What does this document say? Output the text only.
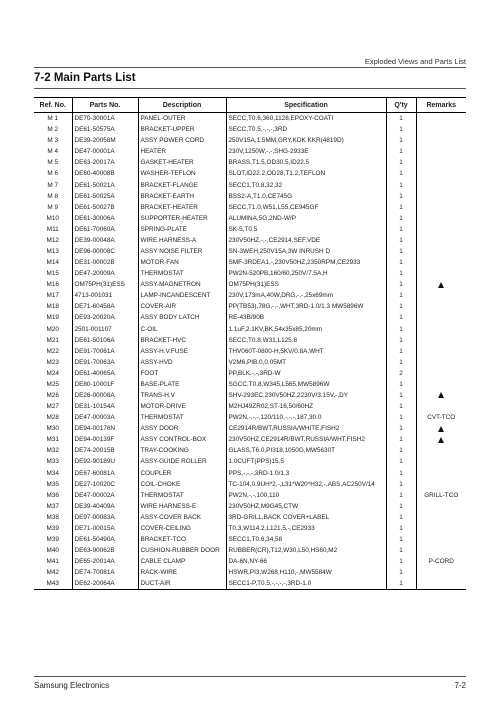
Exploded Views and Parts List
7-2 Main Parts List
Ref. No.	Parts No.	Description	Specification	Q'ty	Remarks
M 1	DE70-30001A	PANEL-OUTER	SECC,T0.6,360,1128,EPOXY-COATI	1	
M 2	DE61-50575A	BRACKET-UPPER	SECC,T0.5,-,-,-,3RD	1	
M 3	DE39-20058M	ASSY POWER CORD	250V15A,1.5MM,GRY,KDK KKR(4819D)	1	
M 4	DE47-00001A	HEATER	230V,1250W,-,-,SHG-2933E	1	
M 5	DE63-20017A	GASKET-HEATER	BRASS,T1.5,OD30.5,ID22.5	1	
M 6	DE60-40008B	WASHER-TEFLON	SLOT,ID22.2,OD28,T1.2,TEFLON	1	
M 7	DE61-50021A	BRACKET-FLANGE	SECC1,T0.8,32,32	1	
M 8	DE61-50025A	BRACKET-EARTH	BSS2-A,T1.0,CE745G	1	
M 9	DE61-50027B	BRACKET-HEATER	SECC,T1.0,W51,L55,CE945GF	1	
M10	DE61-30006A	SUPPORTER-HEATER	ALUMINA,5G,2ND-W/P	1	
M11	DE61-70060A	SPRING-PLATE	SK-5,T0.5	1	
M12	DE39-00048A	WIRE HARNESS-A	230V50HZ,-,-,CE2914,SEF,VDE	1	
M13	DE96-00008C	ASSY NOISE FILTER	SN-3WEH,250V15A,3W INRUSH D	1	
M14	DE31-00002B	MOTOR-FAN	SMF-3RDEA1,-,230V50HZ,2350RPM,CE2933	1	
M15	DE47-20009A	THERMOSTAT	PW2N-520PB,160/60,250V/7.5A,H	1	
M16	OM75PH(31)ESS	ASSY-MAGNETRON	OM75PH(31)ESS	1	
M17	4713-001031	LAMP-INCANDESCENT	230V,173mA,40W,DRG,-,-,25x69mm	1	
M18	DE71-60458A	COVER-AIR	PP(TB53),78G,-,-,WHT,3RD-1.0/1.3 MW5896W	1	
M19	DE93-20020A	ASSY BODY LATCH	RE-43B/90B	1	
M20	2501-001107	C-OIL	1.1uF,2.1KV,BK,54x35x85,20mm	1	
M21	DE61-50106A	BRACKET-HVC	SECC,T0.8,W31,L125.8	1	
M22	DE91-70061A	ASSY-H.V.FUSE	THV060T-0800-H,5KV/0.8A,WHT	1	
M23	DE91-70063A	ASSY-HVD	V2M6,PIB.0,0.05MT	1	
M24	DE61-40065A	FOOT	PP,BLK,-,-,3RD-W	2	
M25	DE80-10001F	BASE-PLATE	SGCC,T0.8,W345,L565,MW5896W	1	
M26	DE26-00008A	TRANS-H.V	SHV-293EC,230V50HZ,2230V/3.15V,-,DY	1	
M27	DE31-10154A	MOTOR-DRIVE	M2HJ49ZR02,ST-16,50/60HZ	1	
M28	DE47-00003A	THERMOSTAT	PW2N,-,-,-,120/110,-,-,-,187,30.0	1	CVT-TCO
M30	DE94-00176N	ASSY DOOR	CE2914R/BWT,RUSSIA/WHITE,FISH2	1	
M31	DE94-00139F	ASSY CONTROL-BOX	230V50HZ,CE2914R/BWT,RUSSIA/WHT,FISH2	1	
M32	DE74-20015B	TRAY-COOKING	GLASS,T6.0,PI318,1050G,MW5630T	1	
M33	DE92-90189U	ASSY-GUIDE ROLLER	1.0CUFT(PPS)15.5	1	
M34	DE67-60081A	COUPLER	PPS,-,-,-,3RD-1.0/1.3	1	
M35	DE27-10020C	COIL-CHOKE	TC-104,0.9UH*2,-,L31*W20*H32,-,ABS,AC250V/14	1	
M36	DE47-00002A	THERMOSTAT	PW2N,-,-,100,110	1	GRILL-TCO
M37	DE39-40409A	WIRE HARNESS-E	230V50HZ,M9G45,CTW	1	
M38	DE97-00083A	ASSY-COVER BACK	3RD-GRILL,BACK COVER+LABEL	1	
M39	DE71-00015A	COVER-CEILING	T0.3,W114.2,L121.5,-,CE2933	1	
M39	DE61-50490A	BRACKET-TCO	SECC1,T0.6,34,58	1	
M40	DE63-90062B	CUSHION-RUBBER DOOR	RUBBER(CR),T12,W30,L50,HS60,M2	1	
M41	DE65-20014A	CABLE CLAMP	DA-6N,NY-66	1	P-CORD
M42	DE74-70081A	RACK-WIRE	HSWR,PI3,W268,H110,-,MW5584W	1	
M43	DE62-20064A	DUCT-AIR	SECC1-P,T0.5,-,-,-,-,3RD-1.0	1	
Samsung Electronics	7-2
